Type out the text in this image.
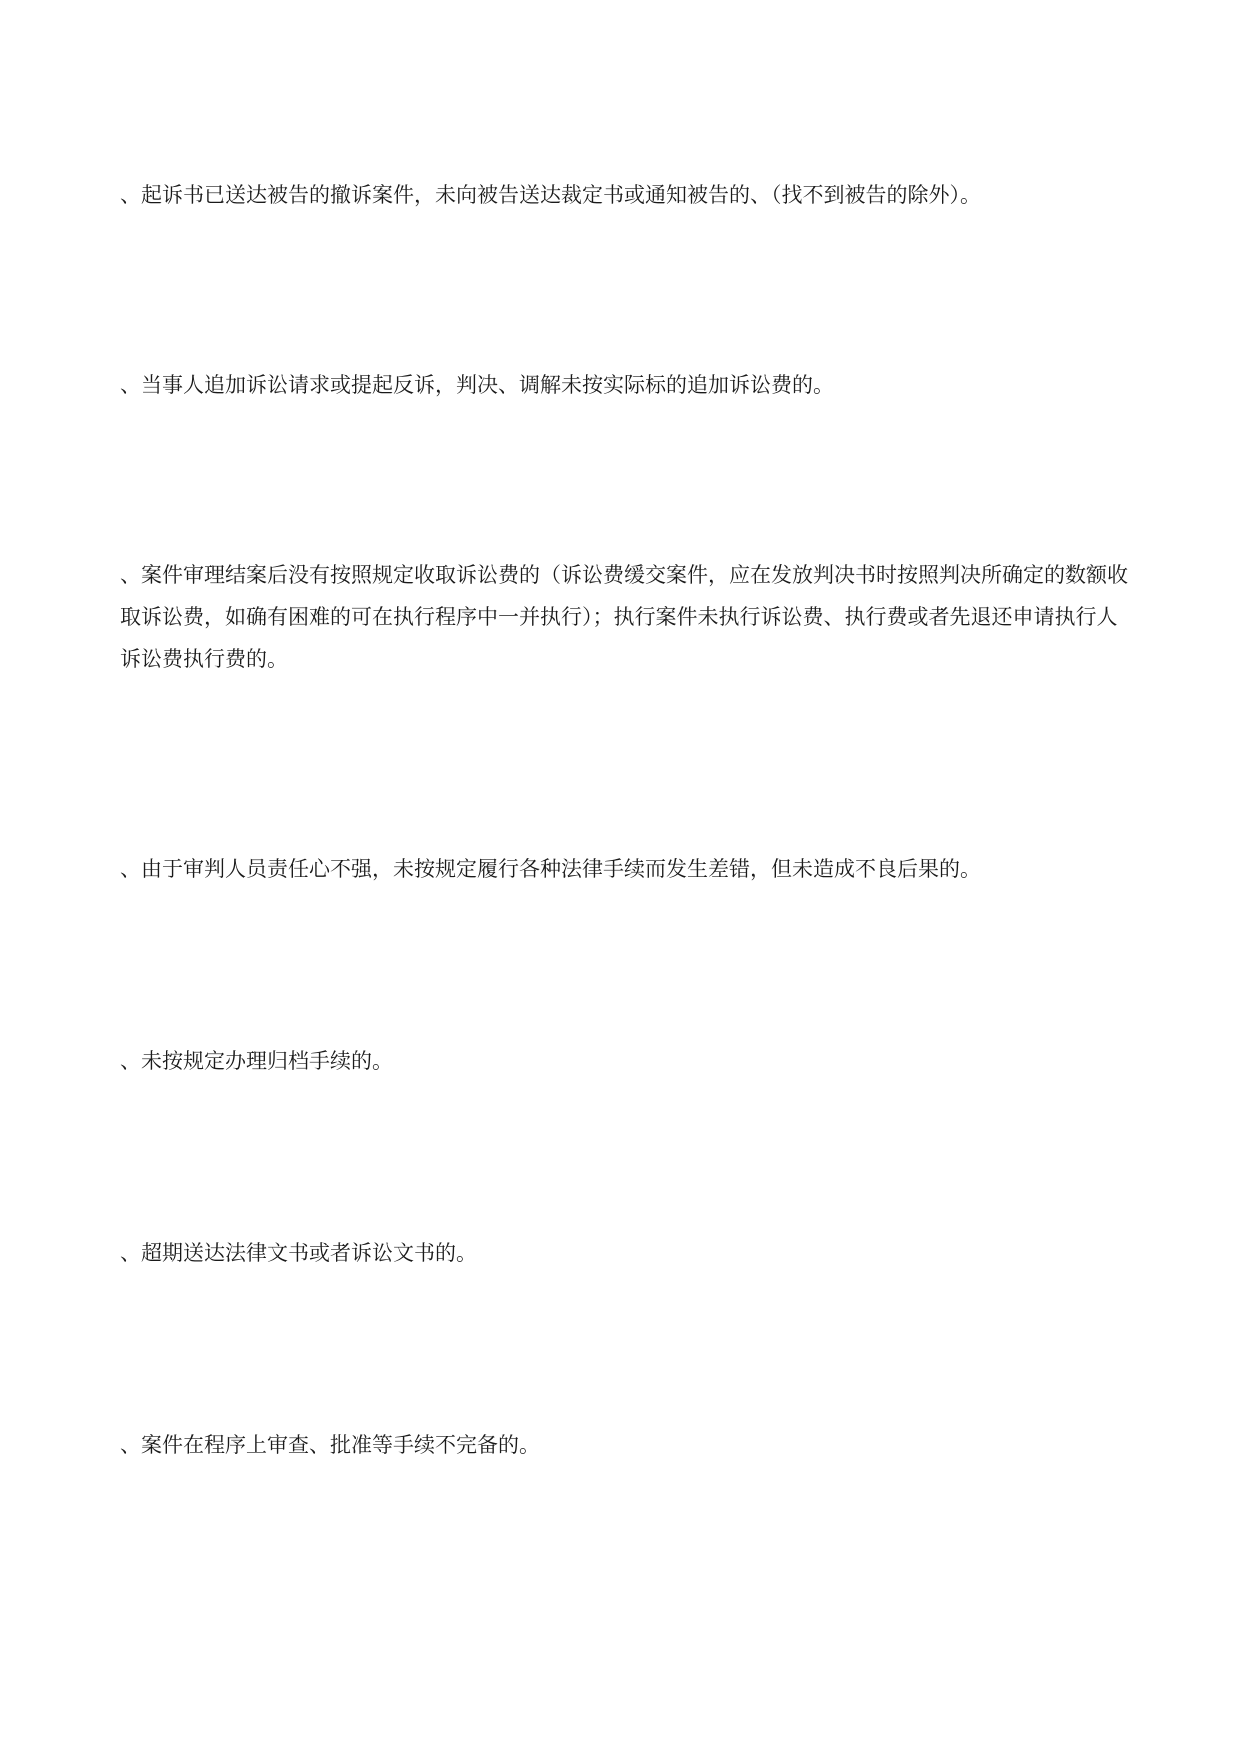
、起诉书已送达被告的撤诉案件，未向被告送达裁定书或通知被告的、（找不到被告的除外）。

、当事人追加诉讼请求或提起反诉，判决、调解未按实际标的追加诉讼费的。

、案件审理结案后没有按照规定收取诉讼费的（诉讼费缓交案件，应在发放判决书时按照判决所确定的数额收取诉讼费，如确有困难的可在执行程序中一并执行）；执行案件未执行诉讼费、执行费或者先退还申请执行人诉讼费执行费的。

、由于审判人员责任心不强，未按规定履行各种法律手续而发生差错，但未造成不良后果的。

、未按规定办理归档手续的。

、超期送达法律文书或者诉讼文书的。

、案件在程序上审查、批准等手续不完备的。
